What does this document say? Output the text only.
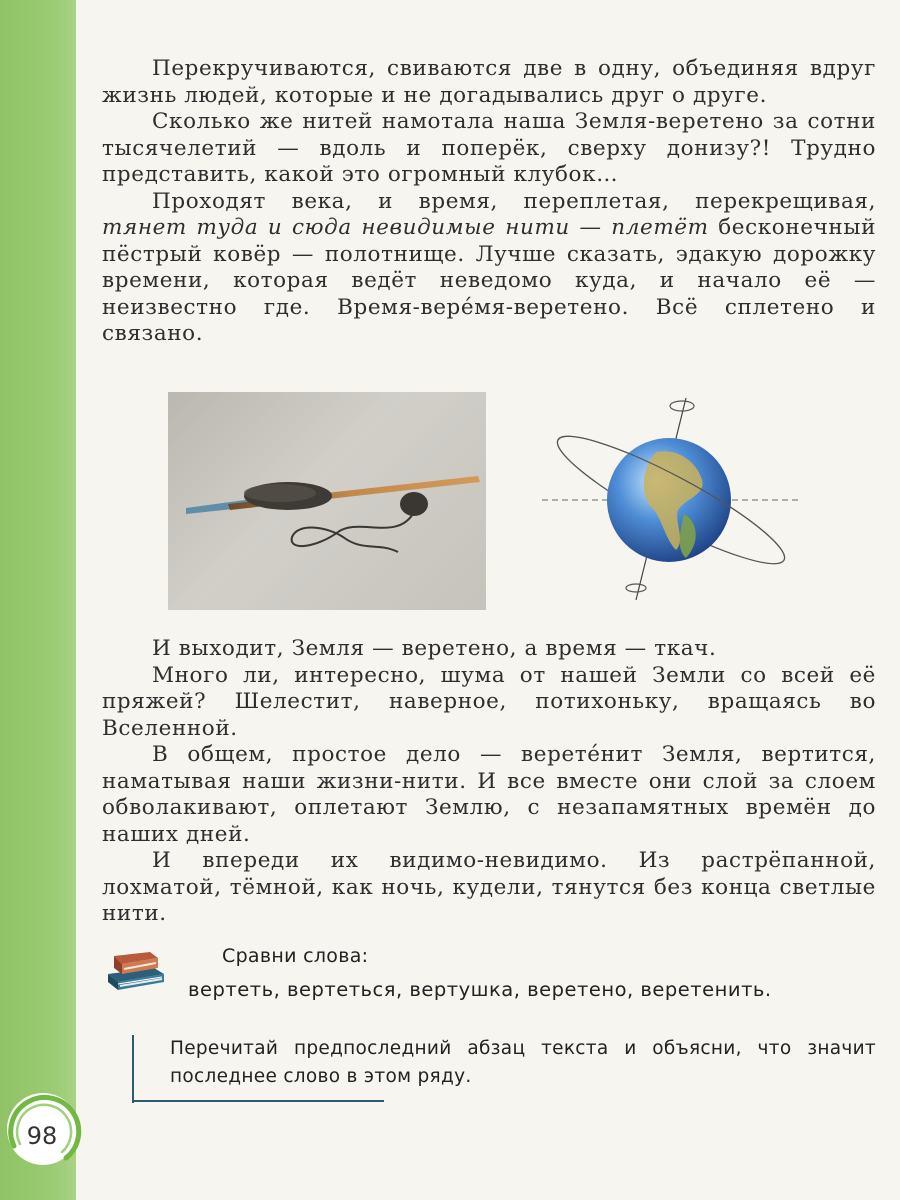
98

Перекручиваются, свиваются две в одну, объединяя вдруг жизнь людей, которые и не догадывались друг о друге.

Сколько же нитей намотала наша Земля-веретено за сотни тысячелетий — вдоль и поперёк, сверху донизу?! Трудно представить, какой это огромный клубок…

Проходят века, и время, переплетая, перекрещивая, тянет туда и сюда невидимые нити — плетёт бесконечный пёстрый ковёр — полотнище. Лучше сказать, эдакую дорожку времени, которая ведёт неведомо куда, и начало её — неизвестно где. Время-верéмя-веретено. Всё сплетено и связано.

И выходит, Земля — веретено, а время — ткач.

Много ли, интересно, шума от нашей Земли со всей её пряжей? Шелестит, наверное, потихоньку, вращаясь во Вселенной.

В общем, простое дело — веретéнит Земля, вертится, наматывая наши жизни-нити. И все вместе они слой за слоем обволакивают, оплетают Землю, с незапамятных времён до наших дней.

И впереди их видимо-невидимо. Из растрёпанной, лохматой, тёмной, как ночь, кудели, тянутся без конца светлые нити.

Сравни слова:

вертеть, вертеться, вертушка, веретено, веретенить.

Перечитай предпоследний абзац текста и объясни, что значит последнее слово в этом ряду.
